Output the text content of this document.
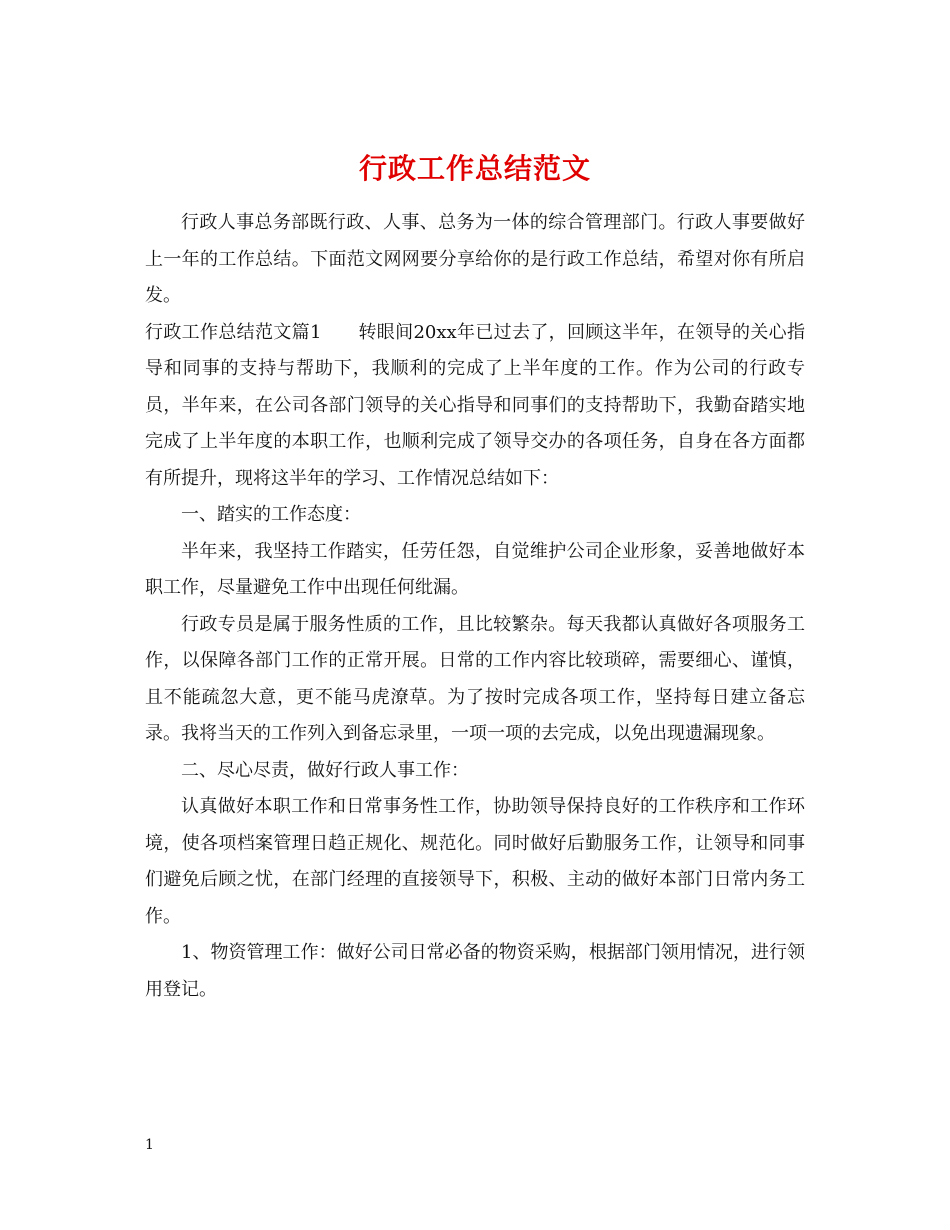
行政工作总结范文

行政人事总务部既行政、人事、总务为一体的综合管理部门。行政人事要做好上一年的工作总结。下面范文网网要分享给你的是行政工作总结，希望对你有所启发。

行政工作总结范文篇1　　转眼间20xx年已过去了，回顾这半年，在领导的关心指导和同事的支持与帮助下，我顺利的完成了上半年度的工作。作为公司的行政专员，半年来，在公司各部门领导的关心指导和同事们的支持帮助下，我勤奋踏实地完成了上半年度的本职工作，也顺利完成了领导交办的各项任务，自身在各方面都有所提升，现将这半年的学习、工作情况总结如下：

一、踏实的工作态度：

半年来，我坚持工作踏实，任劳任怨，自觉维护公司企业形象，妥善地做好本职工作，尽量避免工作中出现任何纰漏。

行政专员是属于服务性质的工作，且比较繁杂。每天我都认真做好各项服务工作，以保障各部门工作的正常开展。日常的工作内容比较琐碎，需要细心、谨慎，且不能疏忽大意，更不能马虎潦草。为了按时完成各项工作，坚持每日建立备忘录。我将当天的工作列入到备忘录里，一项一项的去完成，以免出现遗漏现象。

二、尽心尽责，做好行政人事工作：

认真做好本职工作和日常事务性工作，协助领导保持良好的工作秩序和工作环境，使各项档案管理日趋正规化、规范化。同时做好后勤服务工作，让领导和同事们避免后顾之忧，在部门经理的直接领导下，积极、主动的做好本部门日常内务工作。

1、物资管理工作：做好公司日常必备的物资采购，根据部门领用情况，进行领用登记。

1
